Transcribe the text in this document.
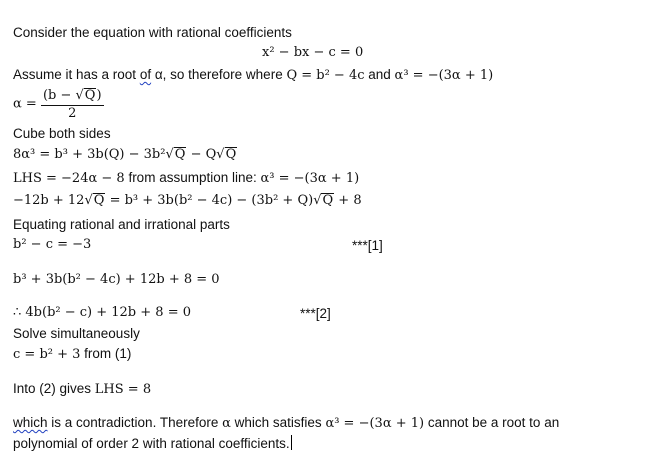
Consider the equation with rational coefficients
x² − bx − c = 0
Assume it has a root of α, so therefore where Q = b² − 4c and α³ = −(3α + 1)
$\alpha = \frac{(b - √Q)}{2}$
Cube both sides
8α³ = b³ + 3b(Q) − 3b²√Q − Q√Q
LHS = −24α − 8 from assumption line: α³ = −(3α + 1)
−12b + 12√Q = b³ + 3b(b² − 4c) − (3b² + Q)√Q + 8
Equating rational and irrational parts
b² − c = −3	***[1]
b³ + 3b(b² − 4c) + 12b + 8 = 0
∴ 4b(b² − c) + 12b + 8 = 0	***[2]
Solve simultaneously
c = b² + 3 from (1)
Into (2) gives LHS = 8
which is a contradiction. Therefore α which satisfies α³ = −(3α + 1) cannot be a root to an
polynomial of order 2 with rational coefficients.
